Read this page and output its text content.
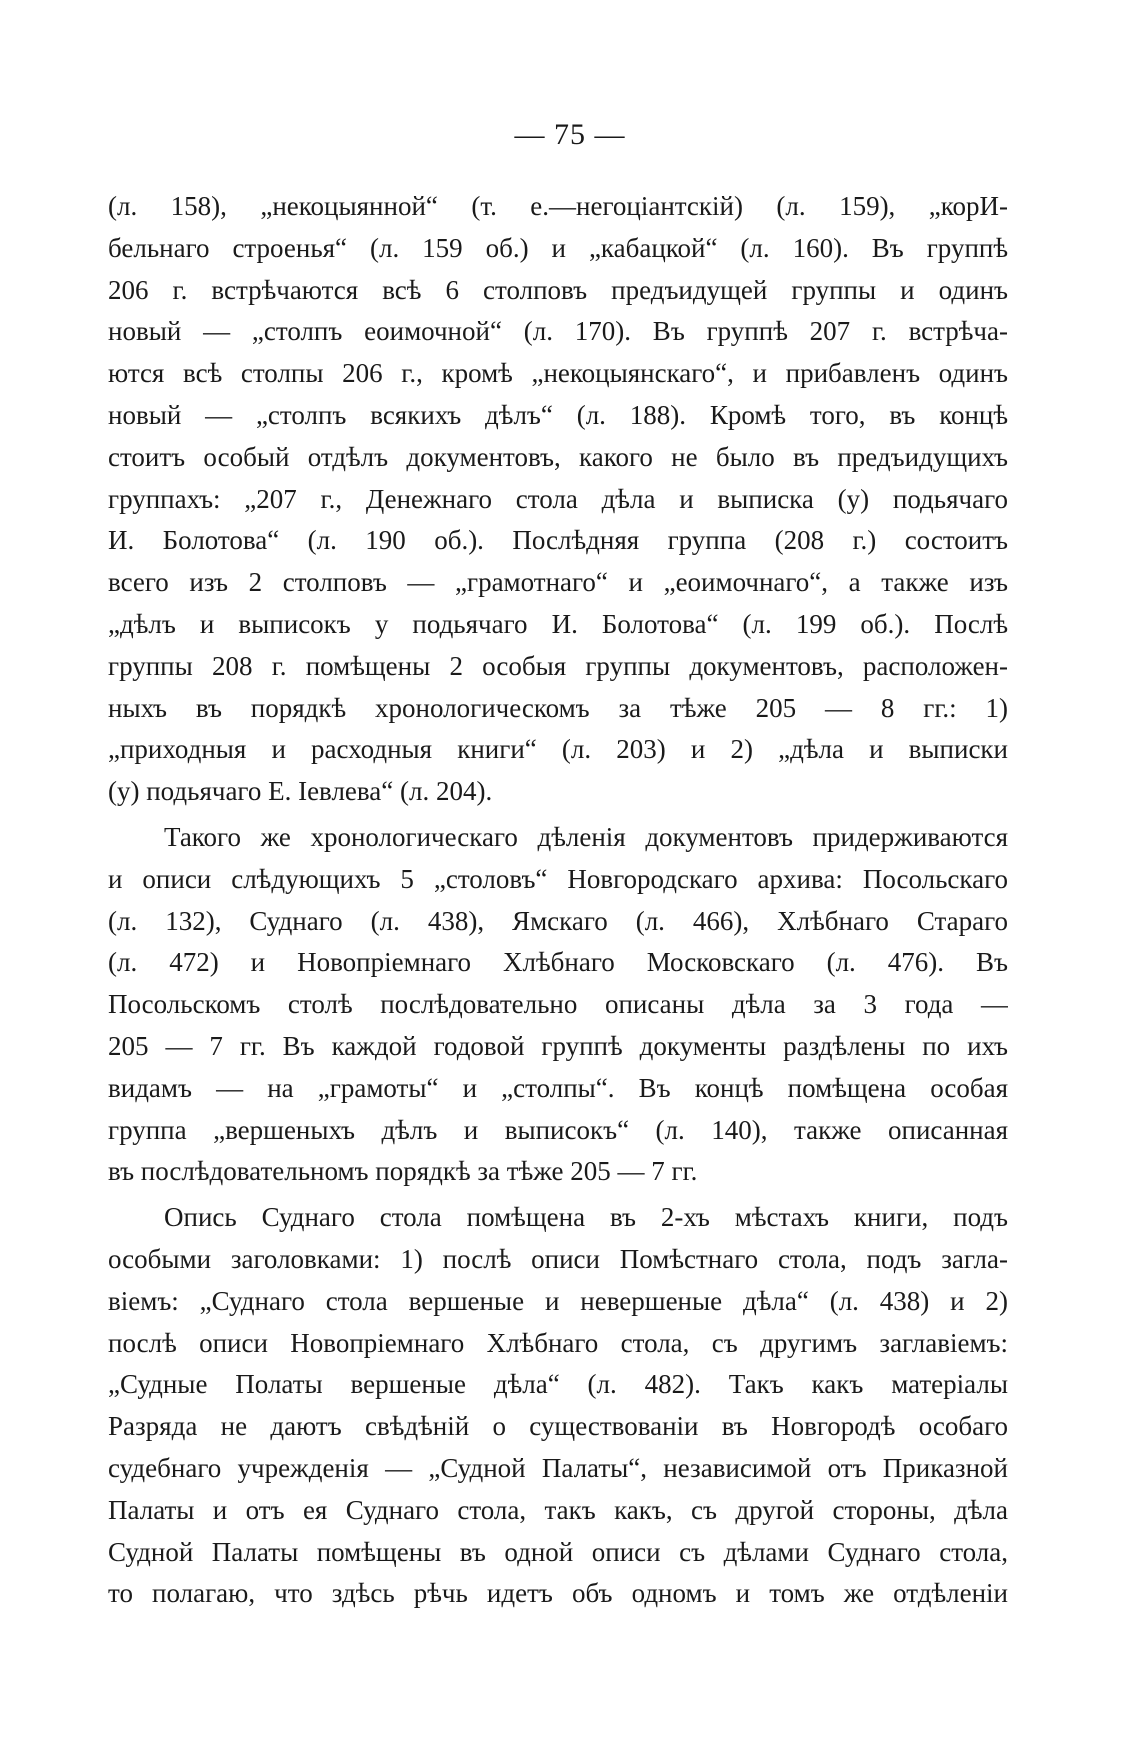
— 75 —

(л. 158), „некоцыянной“ (т. е.—негоціантскій) (л. 159), „корИ-
бельнаго строенья“ (л. 159 об.) и „кабацкой“ (л. 160). Въ группѣ
206 г. встрѣчаются всѣ 6 столповъ предъидущей группы и одинъ
новый — „столпъ еоимочной“ (л. 170). Въ группѣ 207 г. встрѣча-
ются всѣ столпы 206 г., кромѣ „некоцыянскаго“, и прибавленъ одинъ
новый — „столпъ всякихъ дѣлъ“ (л. 188). Кромѣ того, въ концѣ
стоитъ особый отдѣлъ документовъ, какого не было въ предъидущихъ
группахъ: „207 г., Денежнаго стола дѣла и выписка (у) подьячаго
И. Болотова“ (л. 190 об.). Послѣдняя группа (208 г.) состоитъ
всего изъ 2 столповъ — „грамотнаго“ и „еоимочнаго“, а также изъ
„дѣлъ и выписокъ у подьячаго И. Болотова“ (л. 199 об.). Послѣ
группы 208 г. помѣщены 2 особыя группы документовъ, расположен-
ныхъ въ порядкѣ хронологическомъ за тѣже 205 — 8 гг.: 1)
„приходныя и расходныя книги“ (л. 203) и 2) „дѣла и выписки
(у) подьячаго Е. Іевлева“ (л. 204).

Такого же хронологическаго дѣленія документовъ придерживаются
и описи слѣдующихъ 5 „столовъ“ Новгородскаго архива: Посольскаго
(л. 132), Суднаго (л. 438), Ямскаго (л. 466), Хлѣбнаго Стараго
(л. 472) и Новопріемнаго Хлѣбнаго Московскаго (л. 476). Въ
Посольскомъ столѣ послѣдовательно описаны дѣла за 3 года —
205 — 7 гг. Въ каждой годовой группѣ документы раздѣлены по ихъ
видамъ — на „грамоты“ и „столпы“. Въ концѣ помѣщена особая
группа „вершеныхъ дѣлъ и выписокъ“ (л. 140), также описанная
въ послѣдовательномъ порядкѣ за тѣже 205 — 7 гг.

Опись Суднаго стола помѣщена въ 2-хъ мѣстахъ книги, подъ
особыми заголовками: 1) послѣ описи Помѣстнаго стола, подъ загла-
віемъ: „Суднаго стола вершеные и невершеные дѣла“ (л. 438) и 2)
послѣ описи Новопріемнаго Хлѣбнаго стола, съ другимъ заглавіемъ:
„Судные Полаты вершеные дѣла“ (л. 482). Такъ какъ матеріалы
Разряда не даютъ свѣдѣній о существованіи въ Новгородѣ особаго
судебнаго учрежденія — „Судной Палаты“, независимой отъ Приказной
Палаты и отъ ея Суднаго стола, такъ какъ, съ другой стороны, дѣла
Судной Палаты помѣщены въ одной описи съ дѣлами Суднаго стола,
то полагаю, что здѣсь рѣчь идетъ объ одномъ и томъ же отдѣленіи
